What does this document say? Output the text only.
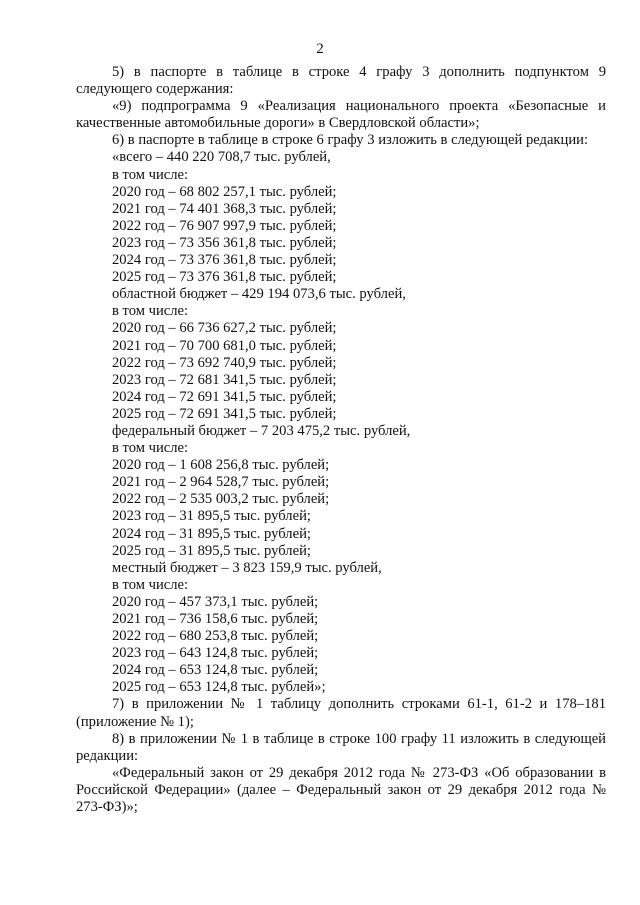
2
5) в паспорте в таблице в строке 4 графу 3 дополнить подпунктом 9 следующего содержания:
«9) подпрограмма 9 «Реализация национального проекта «Безопасные и качественные автомобильные дороги» в Свердловской области»;
6) в паспорте в таблице в строке 6 графу 3 изложить в следующей редакции:
«всего – 440 220 708,7 тыс. рублей,
в том числе:
2020 год – 68 802 257,1 тыс. рублей;
2021 год – 74 401 368,3 тыс. рублей;
2022 год – 76 907 997,9 тыс. рублей;
2023 год – 73 356 361,8 тыс. рублей;
2024 год – 73 376 361,8 тыс. рублей;
2025 год – 73 376 361,8 тыс. рублей;
областной бюджет – 429 194 073,6 тыс. рублей,
в том числе:
2020 год – 66 736 627,2 тыс. рублей;
2021 год – 70 700 681,0 тыс. рублей;
2022 год – 73 692 740,9 тыс. рублей;
2023 год – 72 681 341,5 тыс. рублей;
2024 год – 72 691 341,5 тыс. рублей;
2025 год – 72 691 341,5 тыс. рублей;
федеральный бюджет – 7 203 475,2 тыс. рублей,
в том числе:
2020 год – 1 608 256,8 тыс. рублей;
2021 год – 2 964 528,7 тыс. рублей;
2022 год – 2 535 003,2 тыс. рублей;
2023 год – 31 895,5 тыс. рублей;
2024 год – 31 895,5 тыс. рублей;
2025 год – 31 895,5 тыс. рублей;
местный бюджет – 3 823 159,9 тыс. рублей,
в том числе:
2020 год – 457 373,1 тыс. рублей;
2021 год – 736 158,6 тыс. рублей;
2022 год – 680 253,8 тыс. рублей;
2023 год – 643 124,8 тыс. рублей;
2024 год – 653 124,8 тыс. рублей;
2025 год – 653 124,8 тыс. рублей»;
7) в приложении № 1 таблицу дополнить строками 61-1, 61-2 и 178–181 (приложение № 1);
8) в приложении № 1 в таблице в строке 100 графу 11 изложить в следующей редакции:
«Федеральный закон от 29 декабря 2012 года № 273-ФЗ «Об образовании в Российской Федерации» (далее – Федеральный закон от 29 декабря 2012 года № 273-ФЗ)»;
